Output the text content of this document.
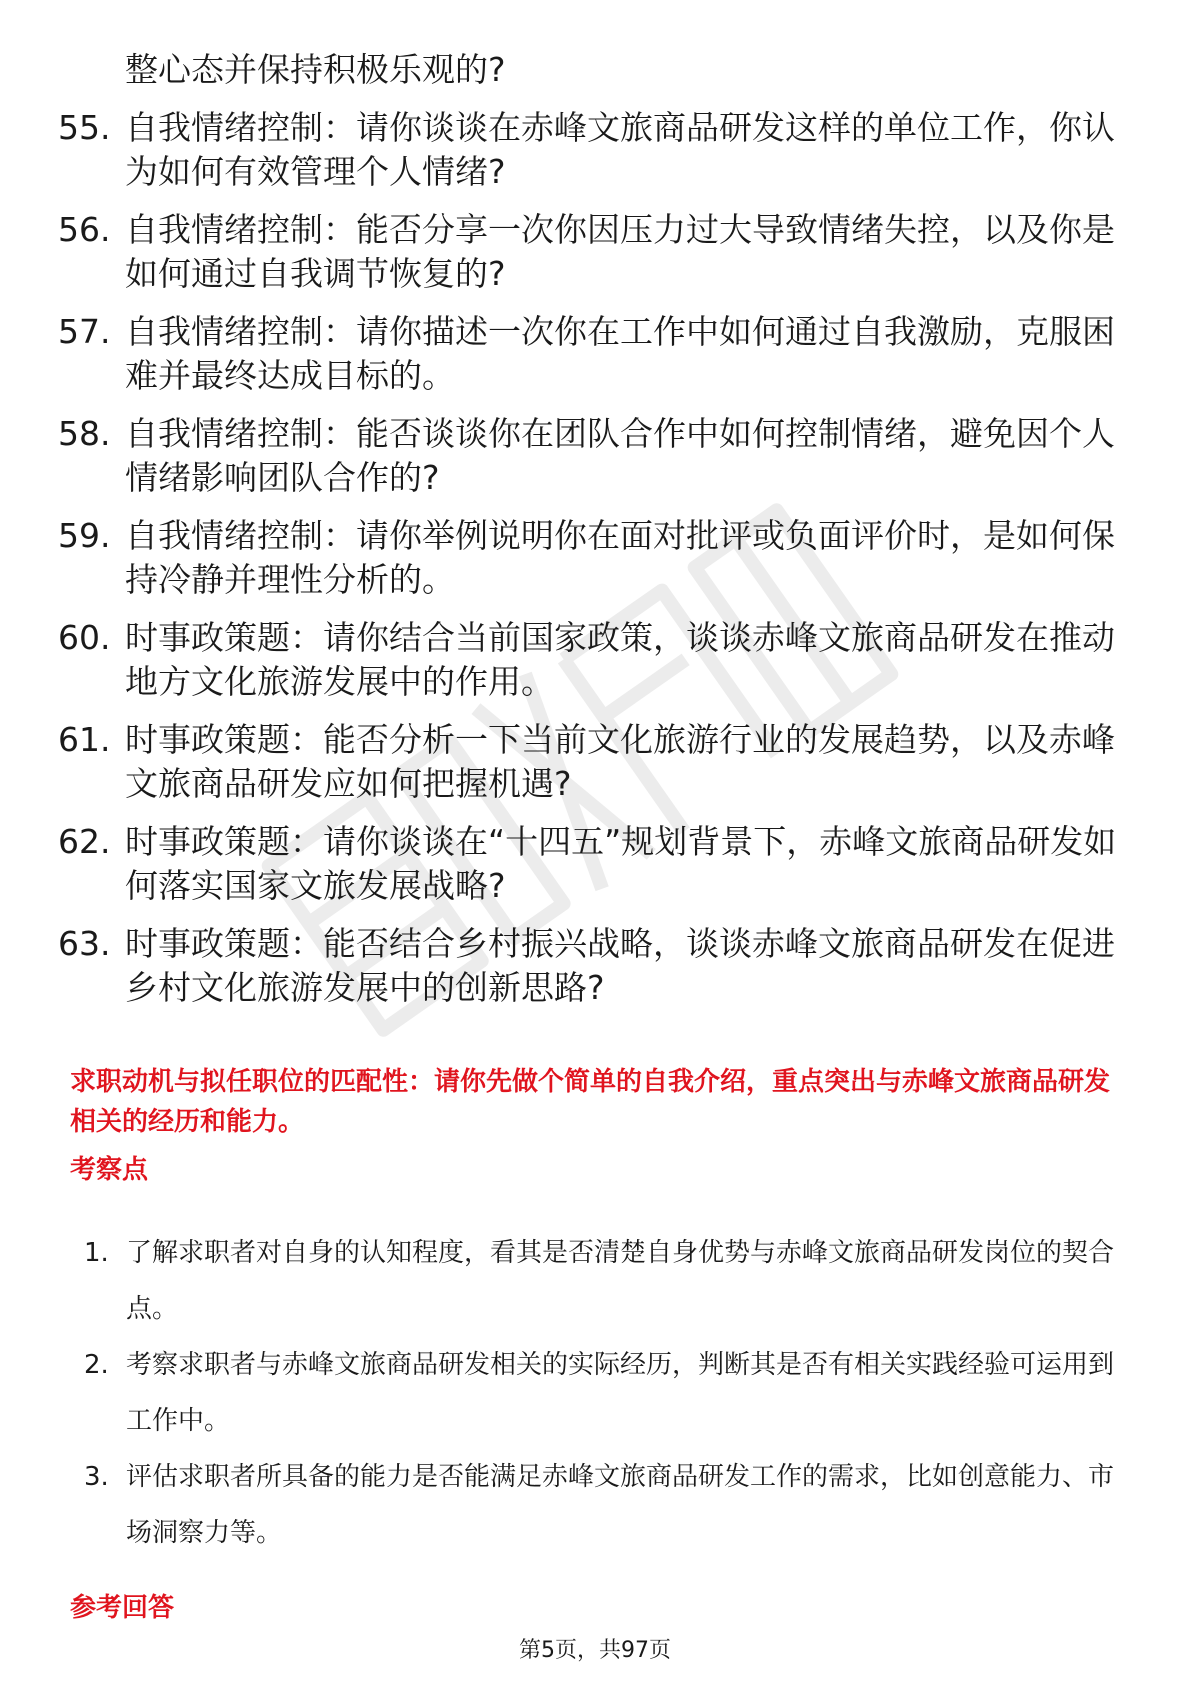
整心态并保持积极乐观的?
55. 自我情绪控制：请你谈谈在赤峰文旅商品研发这样的单位工作，你认为如何有效管理个人情绪?
56. 自我情绪控制：能否分享一次你因压力过大导致情绪失控，以及你是如何通过自我调节恢复的?
57. 自我情绪控制：请你描述一次你在工作中如何通过自我激励，克服困难并最终达成目标的。
58. 自我情绪控制：能否谈谈你在团队合作中如何控制情绪，避免因个人情绪影响团队合作的?
59. 自我情绪控制：请你举例说明你在面对批评或负面评价时，是如何保持冷静并理性分析的。
60. 时事政策题：请你结合当前国家政策，谈谈赤峰文旅商品研发在推动地方文化旅游发展中的作用。
61. 时事政策题：能否分析一下当前文化旅游行业的发展趋势，以及赤峰文旅商品研发应如何把握机遇?
62. 时事政策题：请你谈谈在“十四五”规划背景下，赤峰文旅商品研发如何落实国家文旅发展战略?
63. 时事政策题：能否结合乡村振兴战略，谈谈赤峰文旅商品研发在促进乡村文化旅游发展中的创新思路?
求职动机与拟任职位的匹配性：请你先做个简单的自我介绍，重点突出与赤峰文旅商品研发相关的经历和能力。
考察点
1. 了解求职者对自身的认知程度，看其是否清楚自身优势与赤峰文旅商品研发岗位的契合点。
2. 考察求职者与赤峰文旅商品研发相关的实际经历，判断其是否有相关实践经验可运用到工作中。
3. 评估求职者所具备的能力是否能满足赤峰文旅商品研发工作的需求，比如创意能力、市场洞察力等。
参考回答
第5页，共97页
